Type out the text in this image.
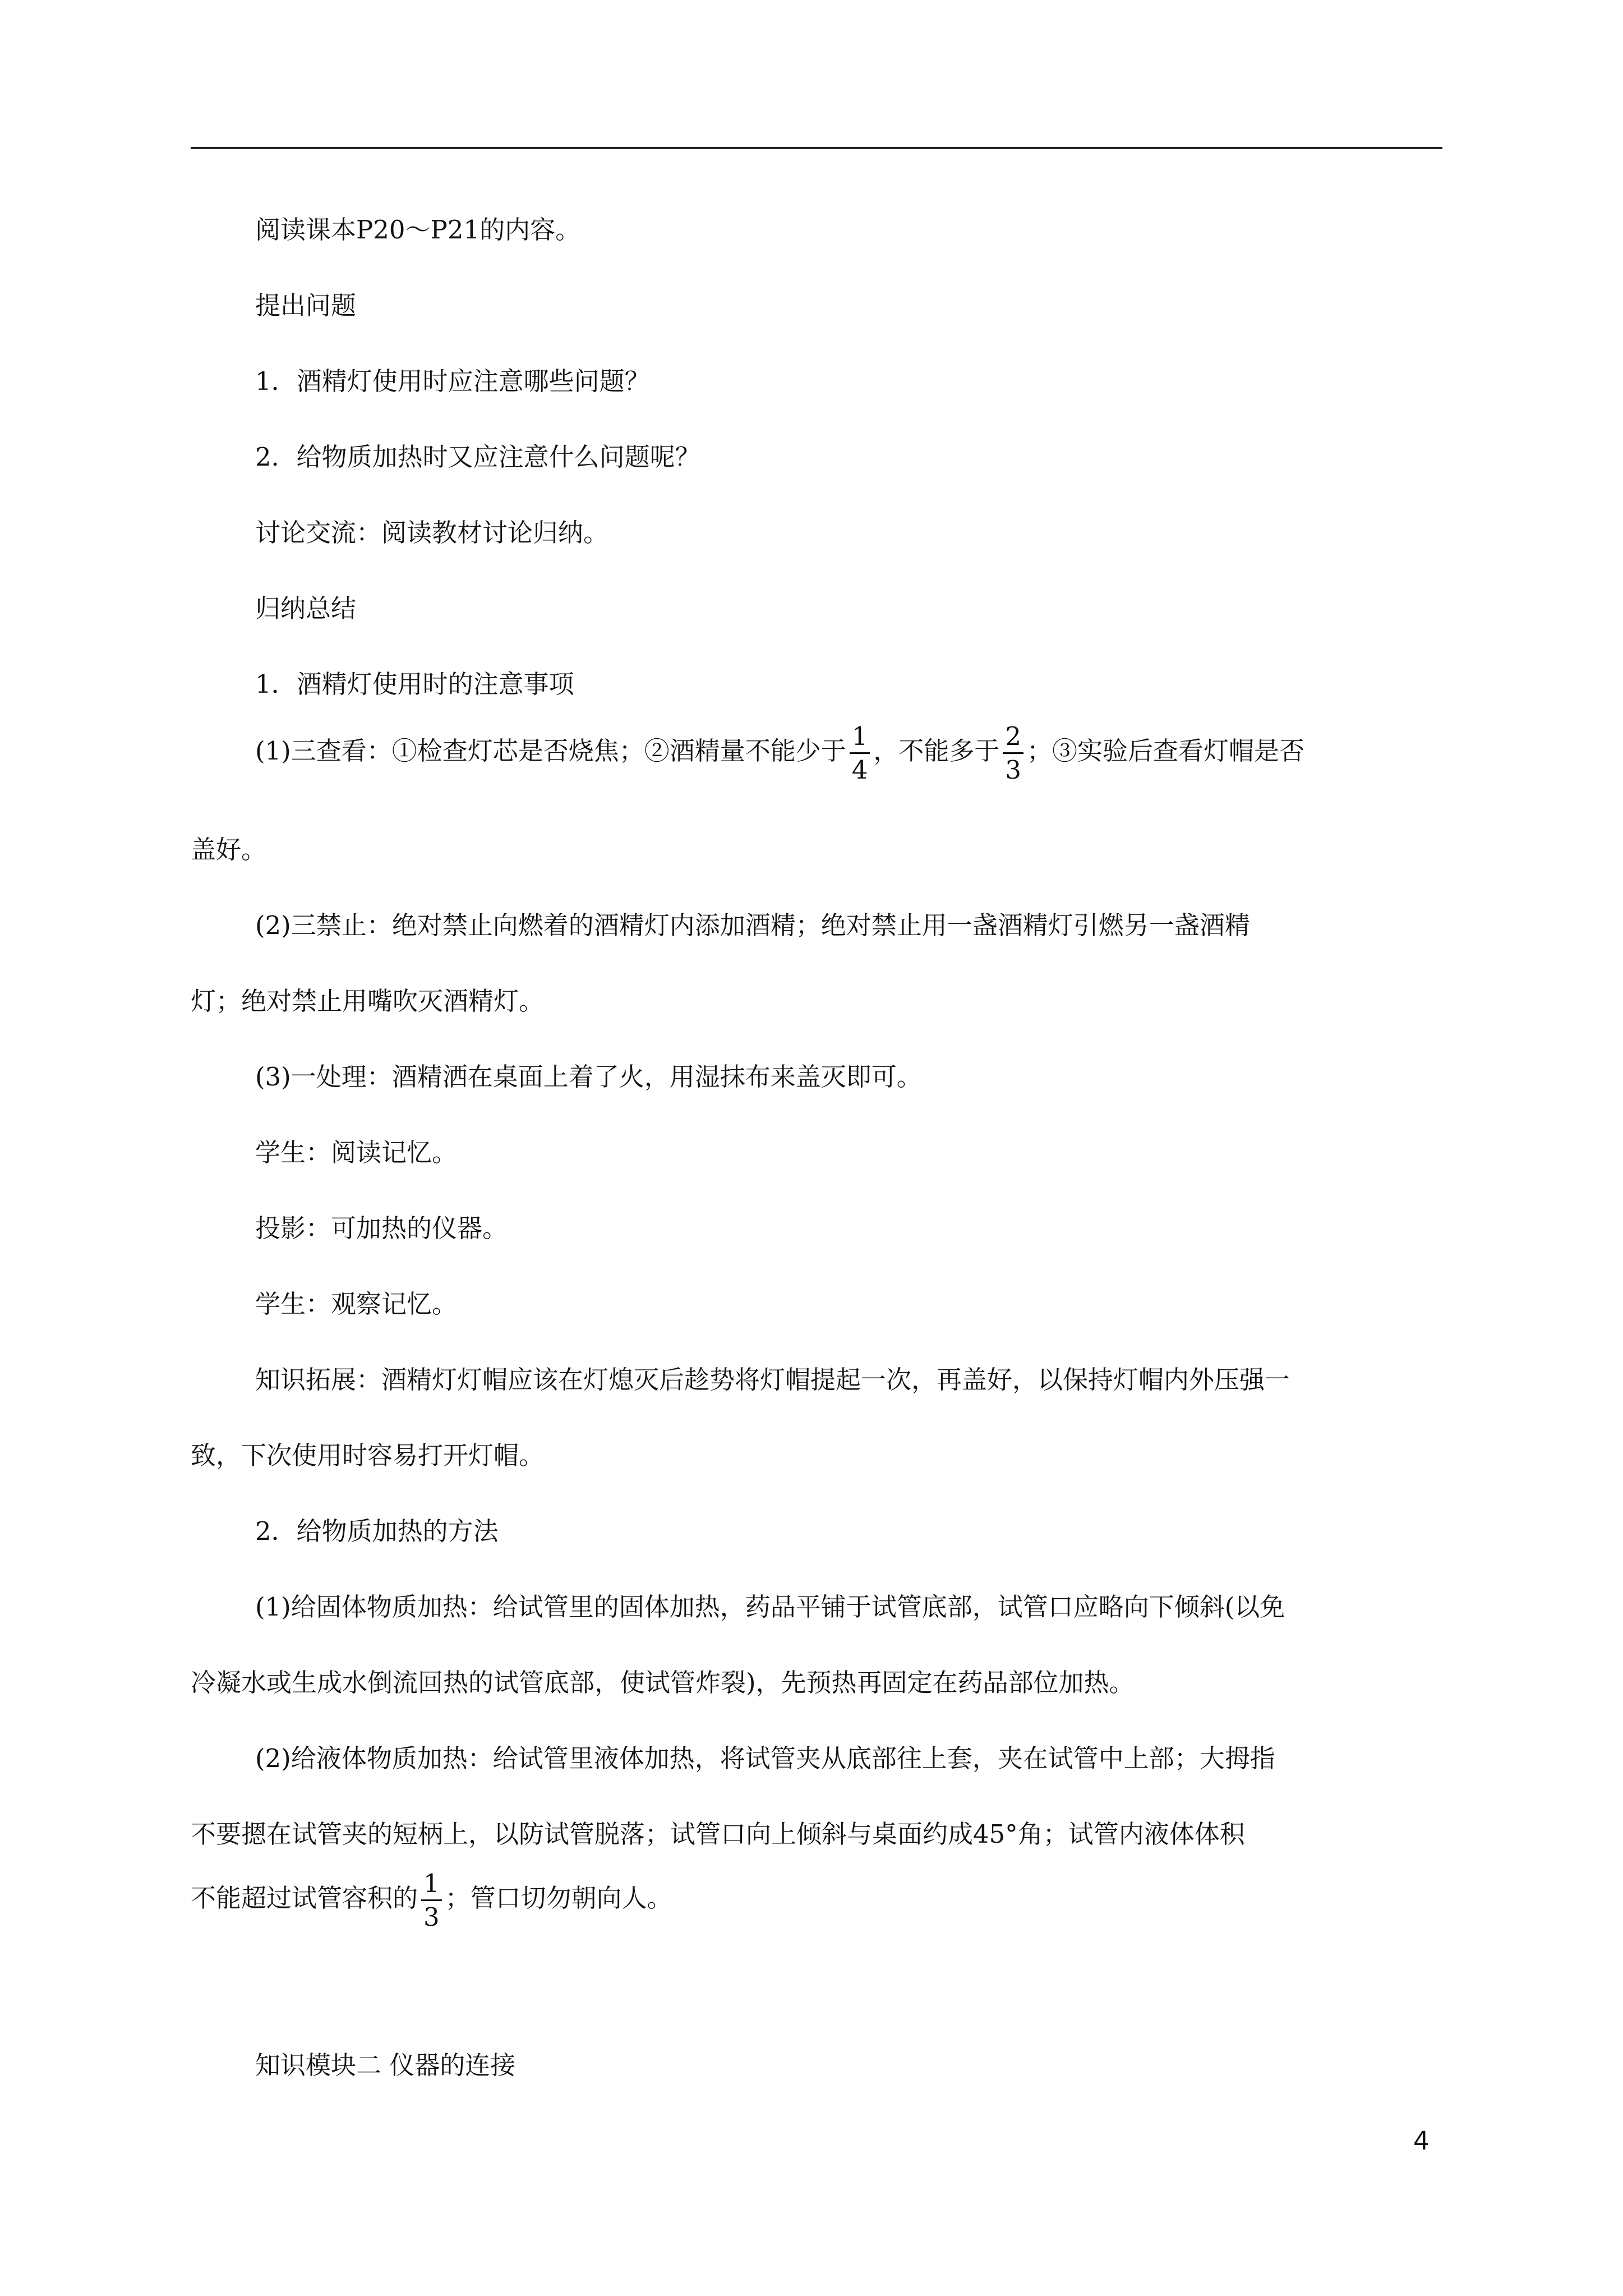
阅读课本P20～P21的内容。

提出问题

1．酒精灯使用时应注意哪些问题？

2．给物质加热时又应注意什么问题呢？

讨论交流：阅读教材讨论归纳。

归纳总结

1．酒精灯使用时的注意事项

(1)三查看：①检查灯芯是否烧焦；②酒精量不能少于 $\frac{1}{4}$ ，不能多于 $\frac{2}{3}$ ；③实验后查看灯帽是否

盖好。

(2)三禁止：绝对禁止向燃着的酒精灯内添加酒精；绝对禁止用一盏酒精灯引燃另一盏酒精

灯；绝对禁止用嘴吹灭酒精灯。

(3)一处理：酒精洒在桌面上着了火，用湿抹布来盖灭即可。

学生：阅读记忆。

投影：可加热的仪器。

学生：观察记忆。

知识拓展：酒精灯灯帽应该在灯熄灭后趁势将灯帽提起一次，再盖好，以保持灯帽内外压强一

致，下次使用时容易打开灯帽。

2．给物质加热的方法

(1)给固体物质加热：给试管里的固体加热，药品平铺于试管底部，试管口应略向下倾斜(以免

冷凝水或生成水倒流回热的试管底部，使试管炸裂)，先预热再固定在药品部位加热。

(2)给液体物质加热：给试管里液体加热，将试管夹从底部往上套，夹在试管中上部；大拇指

不要摁在试管夹的短柄上，以防试管脱落；试管口向上倾斜与桌面约成45°角；试管内液体体积

不能超过试管容积的 $\frac{1}{3}$ ；管口切勿朝向人。

知识模块二 仪器的连接

4
